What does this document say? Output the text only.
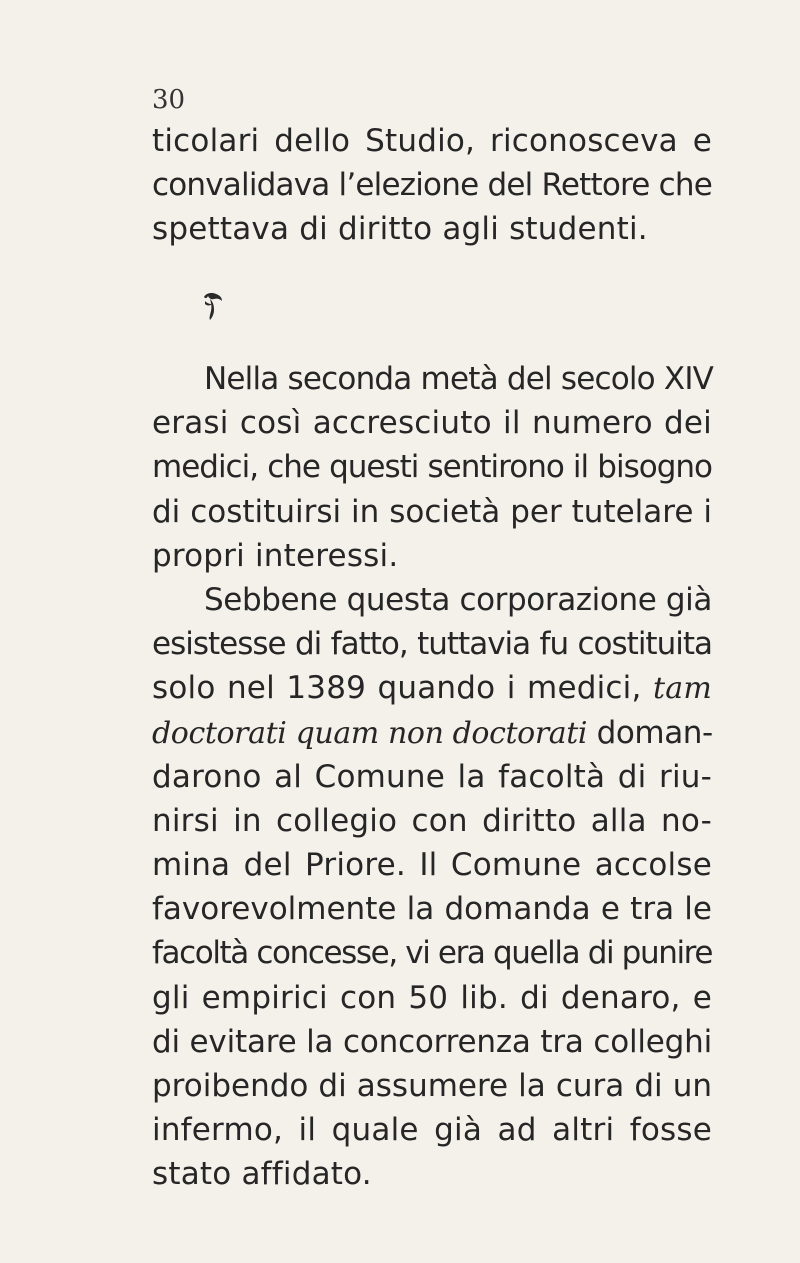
30
ticolari dello Studio, riconosceva e
convalidava l’elezione del Rettore che
spettava di diritto agli studenti.
Nella seconda metà del secolo XIV
erasi così accresciuto il numero dei
medici, che questi sentirono il bisogno
di costituirsi in società per tutelare i
propri interessi.
Sebbene questa corporazione già
esistesse di fatto, tuttavia fu costituita
solo nel 1389 quando i medici, tam
doctorati quam non doctorati doman-
darono al Comune la facoltà di riu-
nirsi in collegio con diritto alla no-
mina del Priore. Il Comune accolse
favorevolmente la domanda e tra le
facoltà concesse, vi era quella di punire
gli empirici con 50 lib. di denaro, e
di evitare la concorrenza tra colleghi
proibendo di assumere la cura di un
infermo, il quale già ad altri fosse
stato affidato.
